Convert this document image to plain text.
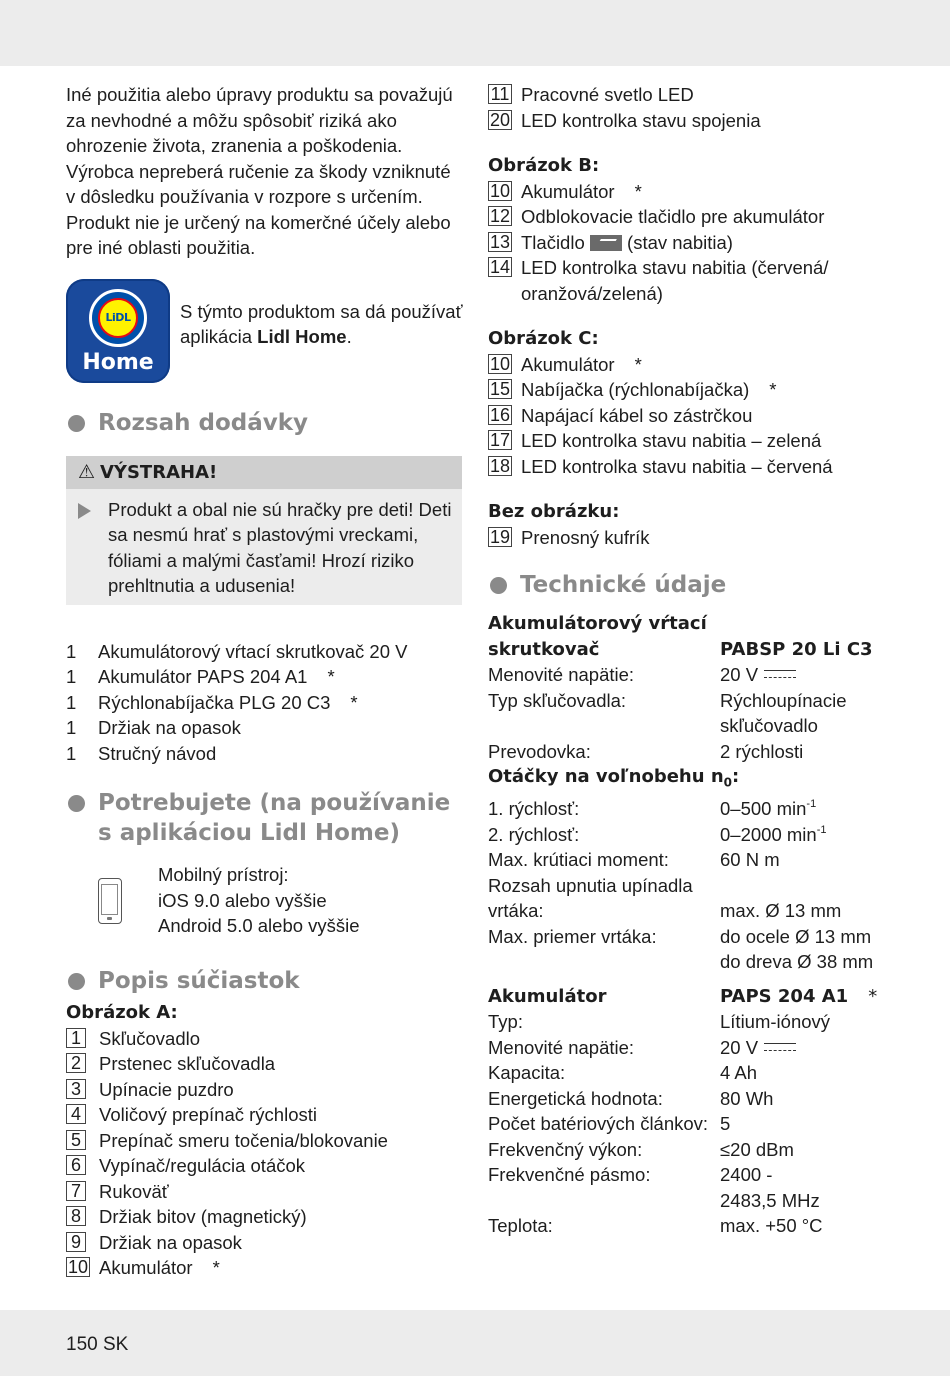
Iné použitia alebo úpravy produktu sa považujú za nevhodné a môžu spôsobiť riziká ako ohrozenie života, zranenia a poškodenia. Výrobca nepreberá ručenie za škody vzniknuté v dôsledku používania v rozpore s určením. Produkt nie je určený na komerčné účely alebo pre iné oblasti použitia.

LiDL
Home

S týmto produktom sa dá používať aplikácia Lidl Home.

Rozsah dodávky
⚠ VÝSTRAHA!

Produkt a obal nie sú hračky pre deti! Deti sa nesmú hrať s plastovými vreckami, fóliami a malými časťami! Hrozí riziko prehltnutia a udusenia!

1 Akumulátorový vŕtací skrutkovač 20 V
1 Akumulátor PAPS 204 A1 *
1 Rýchlonabíjačka PLG 20 C3 *
1 Držiak na opasok
1 Stručný návod
Potrebujete (na používanie s aplikáciou Lidl Home)

Mobilný prístroj:

iOS 9.0 alebo vyššie

Android 5.0 alebo vyššie

Popis súčiastok
Obrázok A:
1 Skľučovadlo
2 Prstenec skľučovadla
3 Upínacie puzdro
4 Voličový prepínač rýchlosti
5 Prepínač smeru točenia/blokovanie
6 Vypínač/regulácia otáčok
7 Rukoväť
8 Držiak bitov (magnetický)
9 Držiak na opasok
10 Akumulátor *
11 Pracovné svetlo LED
20 LED kontrolka stavu spojenia
Obrázok B:
10 Akumulátor *
12 Odblokovacie tlačidlo pre akumulátor
13 Tlačidlo (stav nabitia)
14 LED kontrolka stavu nabitia (červená/
oranžová/zelená)
Obrázok C:
10 Akumulátor *
15 Nabíjačka (rýchlonabíjačka) *
16 Napájací kábel so zástrčkou
17 LED kontrolka stavu nabitia – zelená
18 LED kontrolka stavu nabitia – červená
Bez obrázku:
19 Prenosný kufrík
Technické údaje
Akumulátorový vŕtací	
skrutkovač	PABSP 20 Li C3
Menovité napätie:	20 V

Typ skľučovadla:	Rýchloupínacie
skľučovadlo

Prevodovka:	2 rýchlosti
Otáčky na voľnobehu $n_0$:	
1. rýchlosť:	0–500 $\min^{-1}$
2. rýchlosť:	0–2000 $\min^{-1}$
Max. krútiaci moment:	60 N m
Rozsah upnutia upínadla	
vrtáka:	max. Ø 13 mm
Max. priemer vrtáka:	do ocele Ø 13 mm
do dreva Ø 38 mm
Akumulátor	PAPS 204 A1 *
Typ:	Lítium-iónový
Menovité napätie:	20 V

Kapacita:	4 Ah
Energetická hodnota:	80 Wh
Počet batériových článkov:	5
Frekvenčný výkon:	≤20 dBm
Frekvenčné pásmo:	2400 -
2483,5 MHz

Teplota:	max. +50 °C
150 SK
